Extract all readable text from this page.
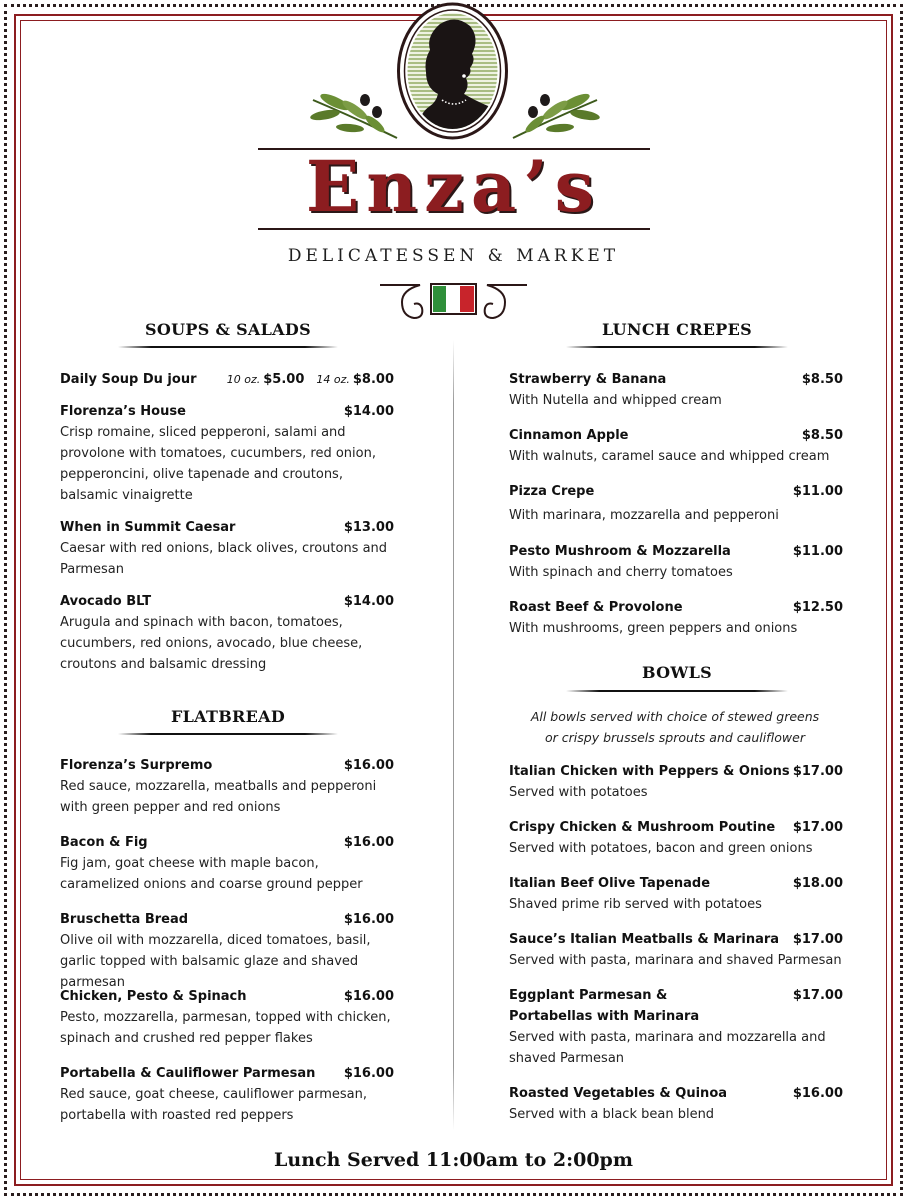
Enza’s
DELICATESSEN & MARKET
SOUPS & SALADS
Daily Soup Du jour	10 oz. $5.00 14 oz. $8.00
Florenza’s House	$14.00
Crisp romaine, sliced pepperoni, salami and provolone with tomatoes, cucumbers, red onion, pepperoncini, olive tapenade and croutons, balsamic vinaigrette
When in Summit Caesar	$13.00
Caesar with red onions, black olives, croutons and Parmesan
Avocado BLT	$14.00
Arugula and spinach with bacon, tomatoes, cucumbers, red onions, avocado, blue cheese, croutons and balsamic dressing
FLATBREAD
Florenza’s Surpremo	$16.00
Red sauce, mozzarella, meatballs and pepperoni with green pepper and red onions
Bacon & Fig	$16.00
Fig jam, goat cheese with maple bacon, caramelized onions and coarse ground pepper
Bruschetta Bread	$16.00
Olive oil with mozzarella, diced tomatoes, basil, garlic topped with balsamic glaze and shaved parmesan
Chicken, Pesto & Spinach	$16.00
Pesto, mozzarella, parmesan, topped with chicken, spinach and crushed red pepper flakes
Portabella & Cauliflower Parmesan $16.00
Red sauce, goat cheese, cauliflower parmesan, portabella with roasted red peppers
LUNCH CREPES
Strawberry & Banana	$8.50
With Nutella and whipped cream
Cinnamon Apple	$8.50
With walnuts, caramel sauce and whipped cream
Pizza Crepe	$11.00
With marinara, mozzarella and pepperoni
Pesto Mushroom & Mozzarella	$11.00
With spinach and cherry tomatoes
Roast Beef & Provolone	$12.50
With mushrooms, green peppers and onions
BOWLS
All bowls served with choice of stewed greens
or crispy brussels sprouts and cauliflower
Italian Chicken with Peppers & Onions $17.00
Served with potatoes
Crispy Chicken & Mushroom Poutine $17.00
Served with potatoes, bacon and green onions
Italian Beef Olive Tapenade	$18.00
Shaved prime rib served with potatoes
Sauce’s Italian Meatballs & Marinara $17.00
Served with pasta, marinara and shaved Parmesan
Eggplant Parmesan & Portabellas with Marinara
$17.00
Served with pasta, marinara and mozzarella and shaved Parmesan
Roasted Vegetables & Quinoa	$16.00
Served with a black bean blend
Lunch Served 11:00am to 2:00pm
